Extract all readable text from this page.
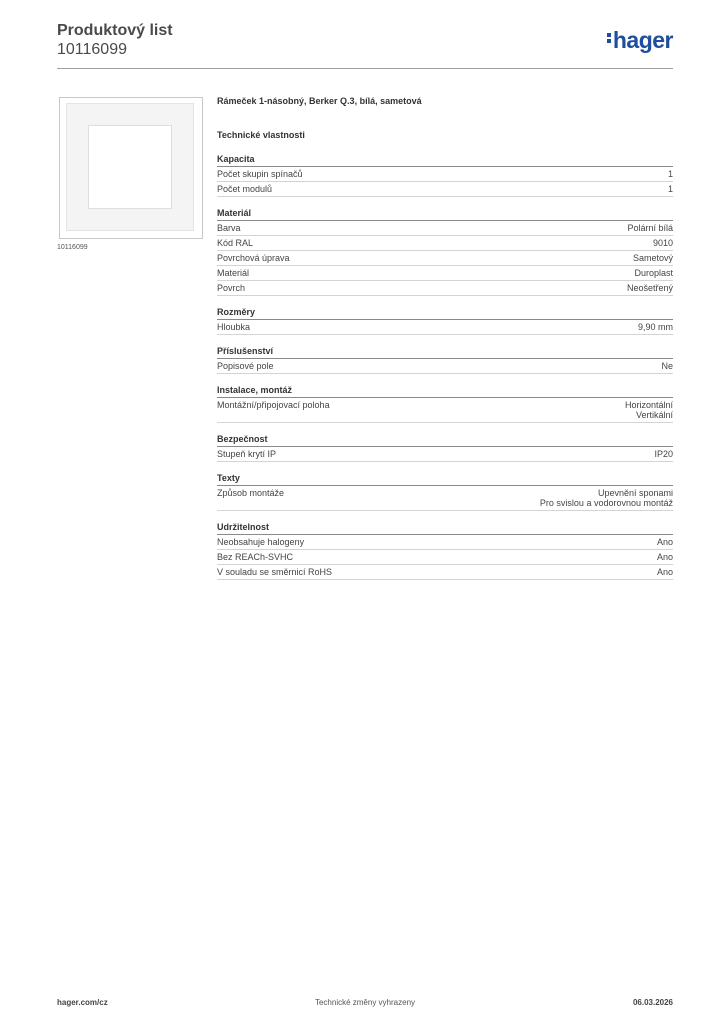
Produktový list
10116099	hager
10116099
Rámeček 1-násobný, Berker Q.3, bílá, sametová
Technické vlastnosti
Kapacita
Počet skupin spínačů	1
Počet modulů	1
Materiál
Barva	Polární bílá
Kód RAL	9010
Povrchová úprava	Sametový
Materiál	Duroplast
Povrch	Neošetřený
Rozměry
Hloubka	9,90 mm
Příslušenství
Popisové pole	Ne
Instalace, montáž
Montážní/připojovací poloha	Horizontální
Vertikální
Bezpečnost
Stupeň krytí IP	IP20
Texty
Způsob montáže	Upevnění sponami
Pro svislou a vodorovnou montáž
Udržitelnost
Neobsahuje halogeny	Ano
Bez REACh-SVHC	Ano
V souladu se směrnicí RoHS	Ano
hager.com/cz	Technické změny vyhrazeny	06.03.2026
